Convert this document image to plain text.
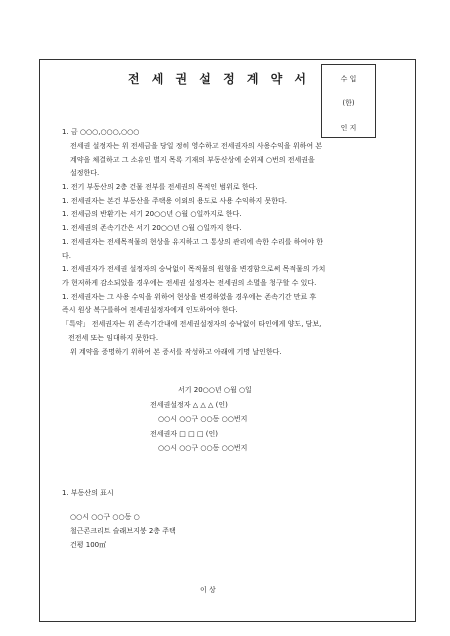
전 세 권 설 정 계 약 서	수 입
(한)
인 지
1. 금 ○○○,○○○,○○○
전세권 설정자는 위 전세금을 당일 정히 영수하고 전세권자의 사용수익을 위하여 본
계약을 체결하고 그 소유인 별지 목록 기재의 부동산상에 순위제 ○번의 전세권을
설정한다.
1. 전기 부동산의 2층 건물 전부를 전세권의 목적인 범위로 한다.
1. 전세권자는 본건 부동산을 주택용 이외의 용도로 사용 수익하지 못한다.
1. 전세금의 반환기는 서기 20○○년 ○월 ○일까지로 한다.
1. 전세권의 존속기간은 서기 20○○년 ○월 ○일까지 한다.
1. 전세권자는 전세목적물의 현상을 유지하고 그 통상의 관리에 속한 수리를 하여야 한
다.
1. 전세권자가 전세권 설정자의 승낙없이 목적물의 원형을 변경함으로써 목적물의 가치
가 현저하게 감소되었을 경우에는 전세권 설정자는 전세권의 소멸을 청구할 수 있다.
1. 전세권자는 그 사용 수익을 위하여 현상을 변경하였을 경우에는 존속기간 만료 후
즉시 원상 복구를하여 전세권설정자에게 인도하여야 한다.
「특약」 전세권자는 위 존속기간내에 전세권설정자의 승낙없이 타인에게 양도, 담보,
전전세 또는 임대하지 못한다.
위 계약을 증명하기 위하여 본 증서를 작성하고 아래에 기명 날인한다.
서기 20○○년 ○월 ○일
전세권설정자 △ △ △ (인)
○○시 ○○구 ○○동 ○○번지
전세권자 □ □ □ (인)
○○시 ○○구 ○○동 ○○번지
1. 부동산의 표시
○○시 ○○구 ○○동 ○
철근콘크리트 슬래브지붕 2층 주택
건평 100㎡
이 상
